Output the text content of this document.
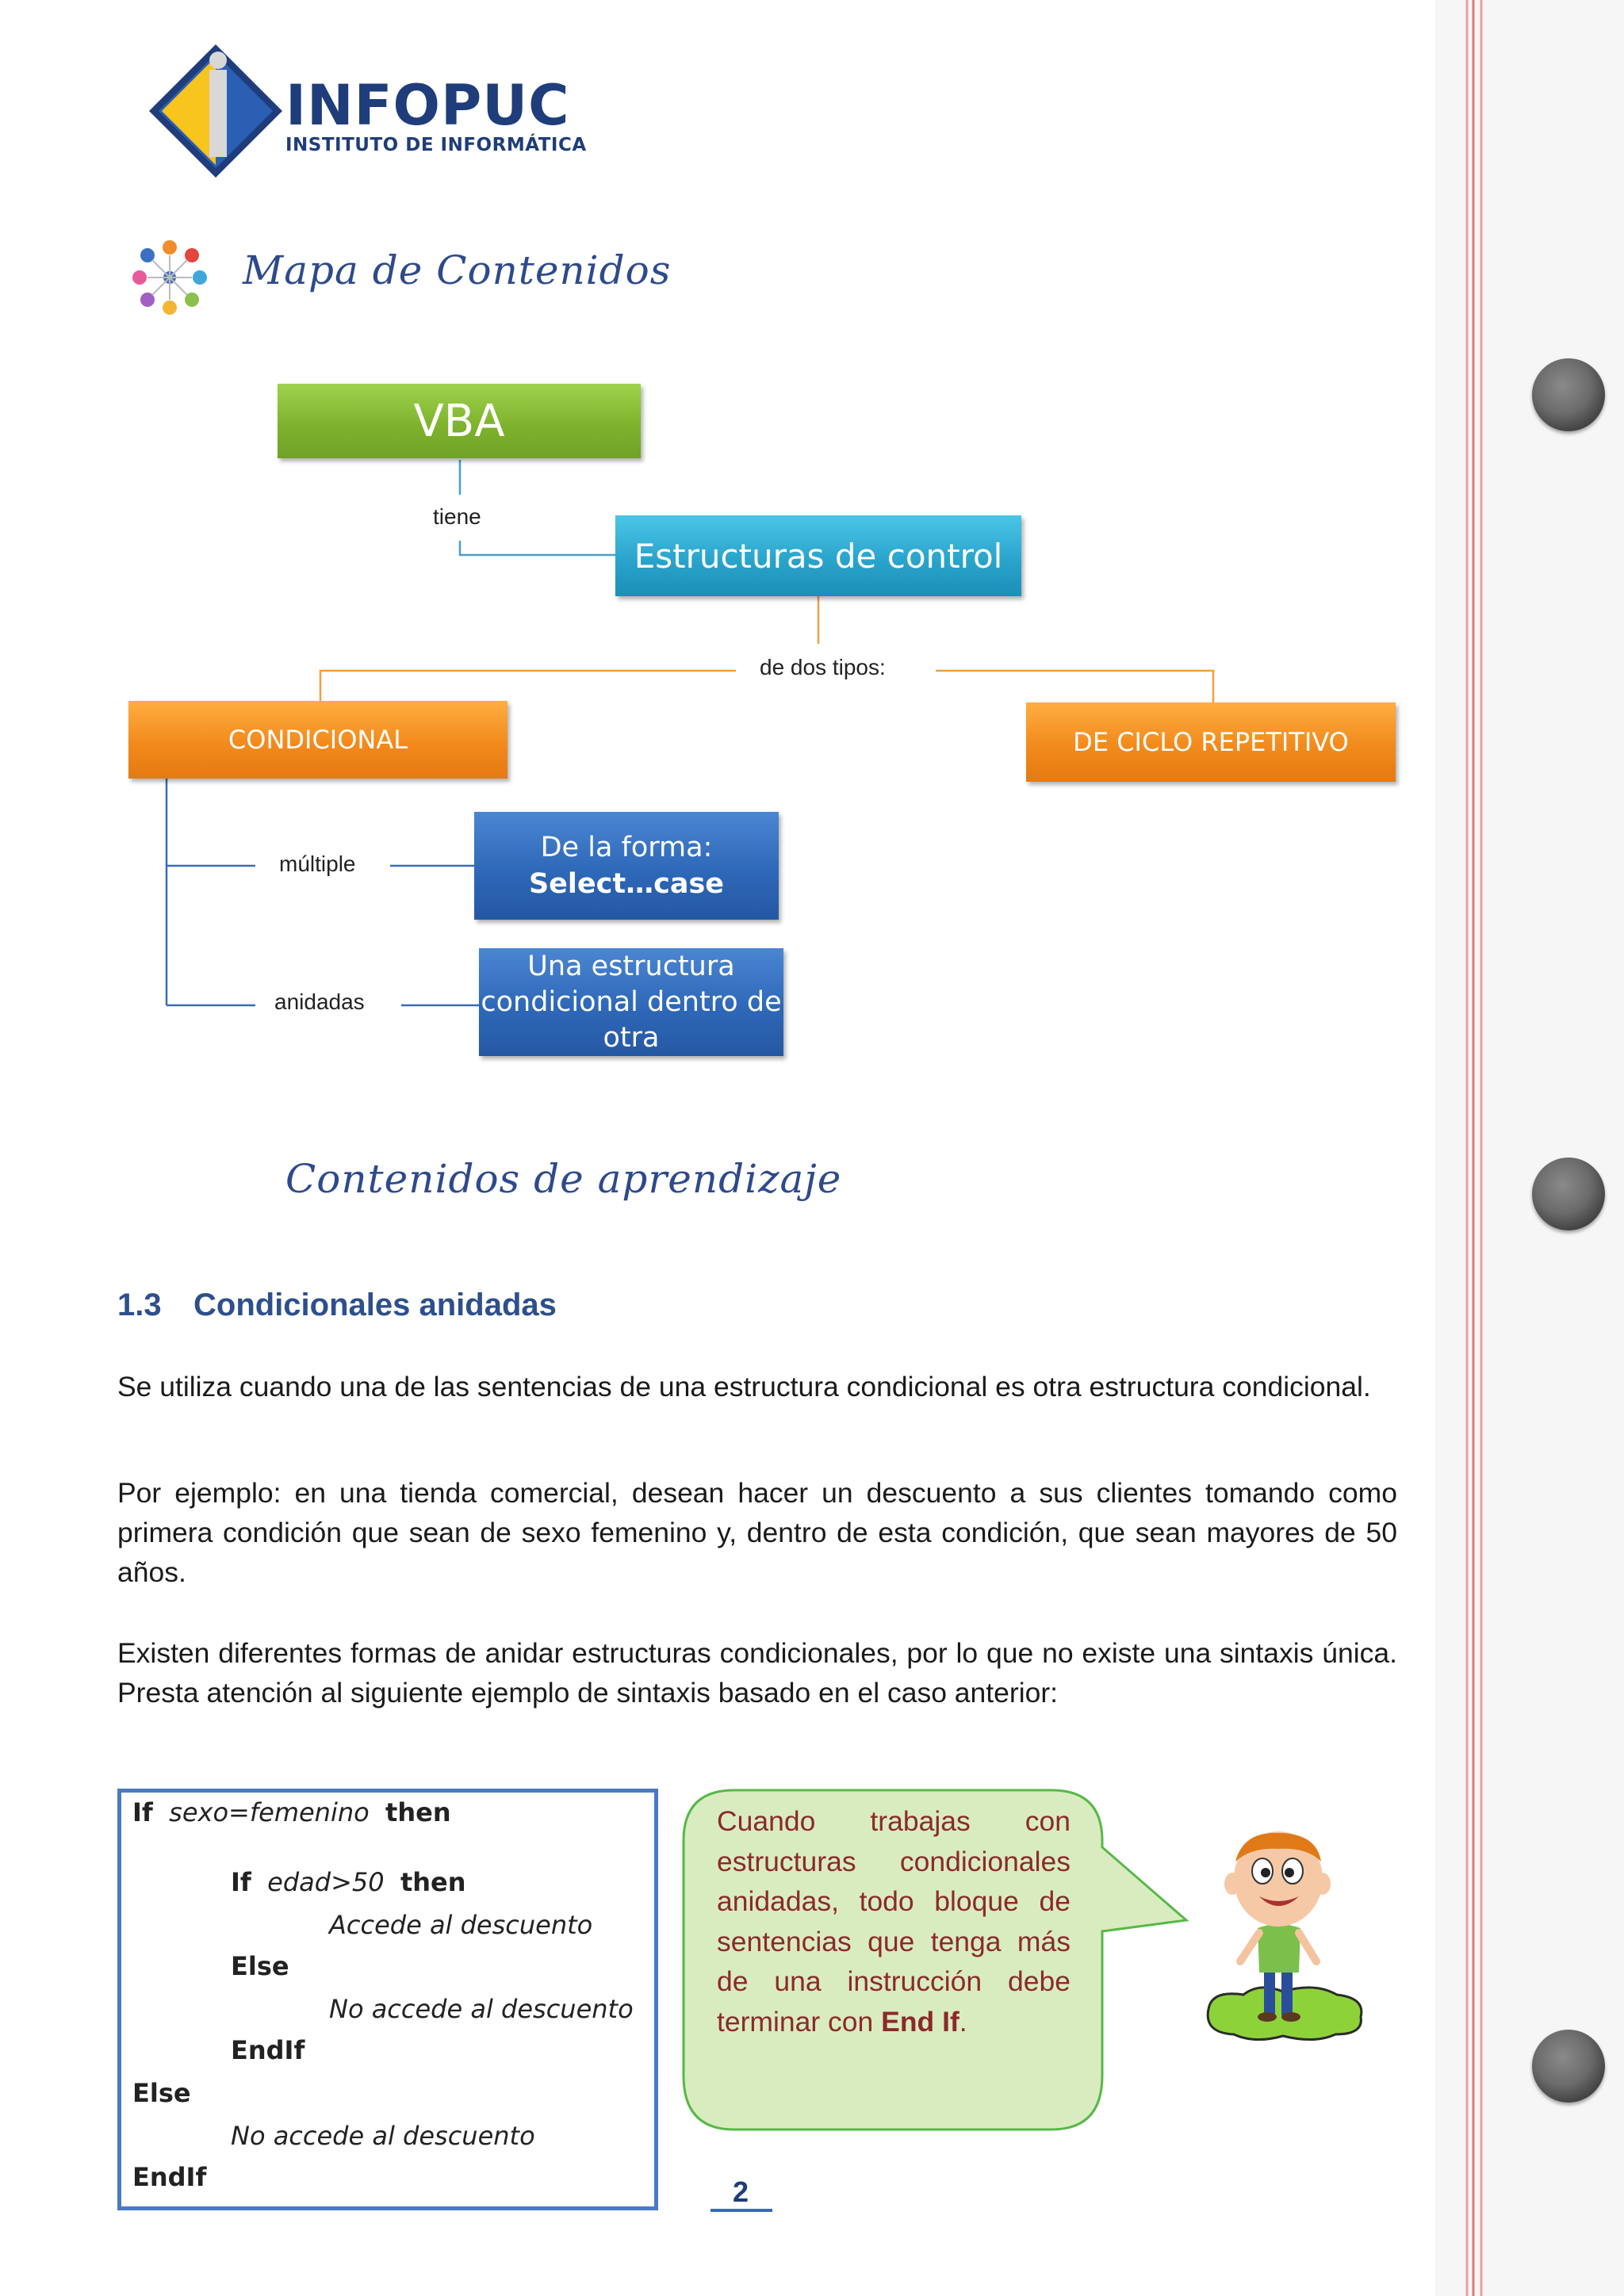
INFOPUC
INSTITUTO DE INFORMÁTICA
Mapa de Contenidos
VBA
tiene
Estructuras de control
de dos tipos:
CONDICIONAL	DE CICLO REPETITIVO
múltiple
De la forma:
Select…case
anidadas
Una estructura
condicional dentro de
otra
Contenidos de aprendizaje
1.3 Condicionales anidadas
Se utiliza cuando una de las sentencias de una estructura condicional es otra estructura condicional.
Por ejemplo: en una tienda comercial, desean hacer un descuento a sus clientes tomando como primera condición que sean de sexo femenino y, dentro de esta condición, que sean mayores de 50 años.
Existen diferentes formas de anidar estructuras condicionales, por lo que no existe una sintaxis única. Presta atención al siguiente ejemplo de sintaxis basado en el caso anterior:
If sexo=femenino then
If edad>50 then
Accede al descuento
Else
No accede al descuento
EndIf
Else
No accede al descuento
EndIf
Cuando trabajas con estructuras condicionales anidadas, todo bloque de sentencias que tenga más de una instrucción debe terminar con End If.
2
